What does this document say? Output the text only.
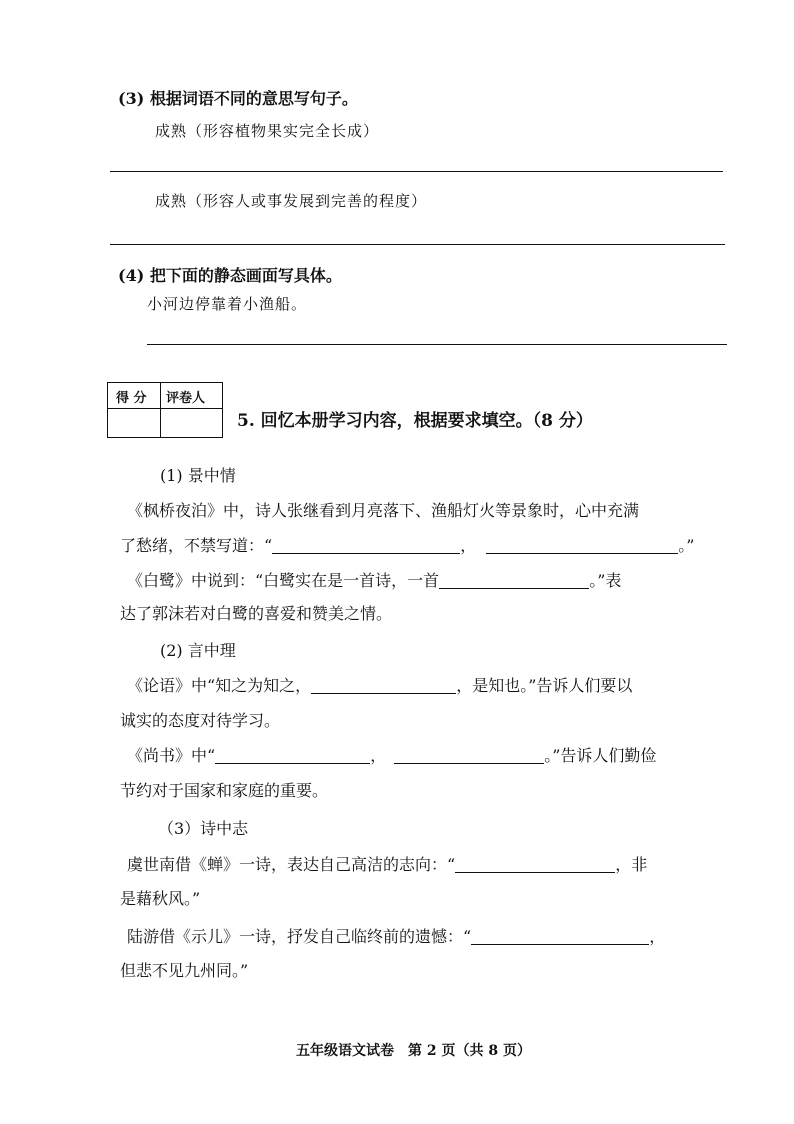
(3) 根据词语不同的意思写句子。
成熟（形容植物果实完全长成）
成熟（形容人或事发展到完善的程度）
(4) 把下面的静态画面写具体。
小河边停靠着小渔船。
得 分 评卷人
5. 回忆本册学习内容，根据要求填空。（8 分）
(1) 景中情
《枫桥夜泊》中，诗人张继看到月亮落下、渔船灯火等景象时，心中充满
了愁绪，不禁写道：“	，	。”
《白鹭》中说到：“白鹭实在是一首诗，一首	。”表
达了郭沫若对白鹭的喜爱和赞美之情。
(2) 言中理
《论语》中“知之为知之，	，是知也。”告诉人们要以
诚实的态度对待学习。
《尚书》中“	，	。”告诉人们勤俭
节约对于国家和家庭的重要。
（3）诗中志
虞世南借《蝉》一诗，表达自己高洁的志向：“	，非
是藉秋风。”
陆游借《示儿》一诗，抒发自己临终前的遗憾：“	，
但悲不见九州同。”
五年级语文试卷　第 2 页（共 8 页）
